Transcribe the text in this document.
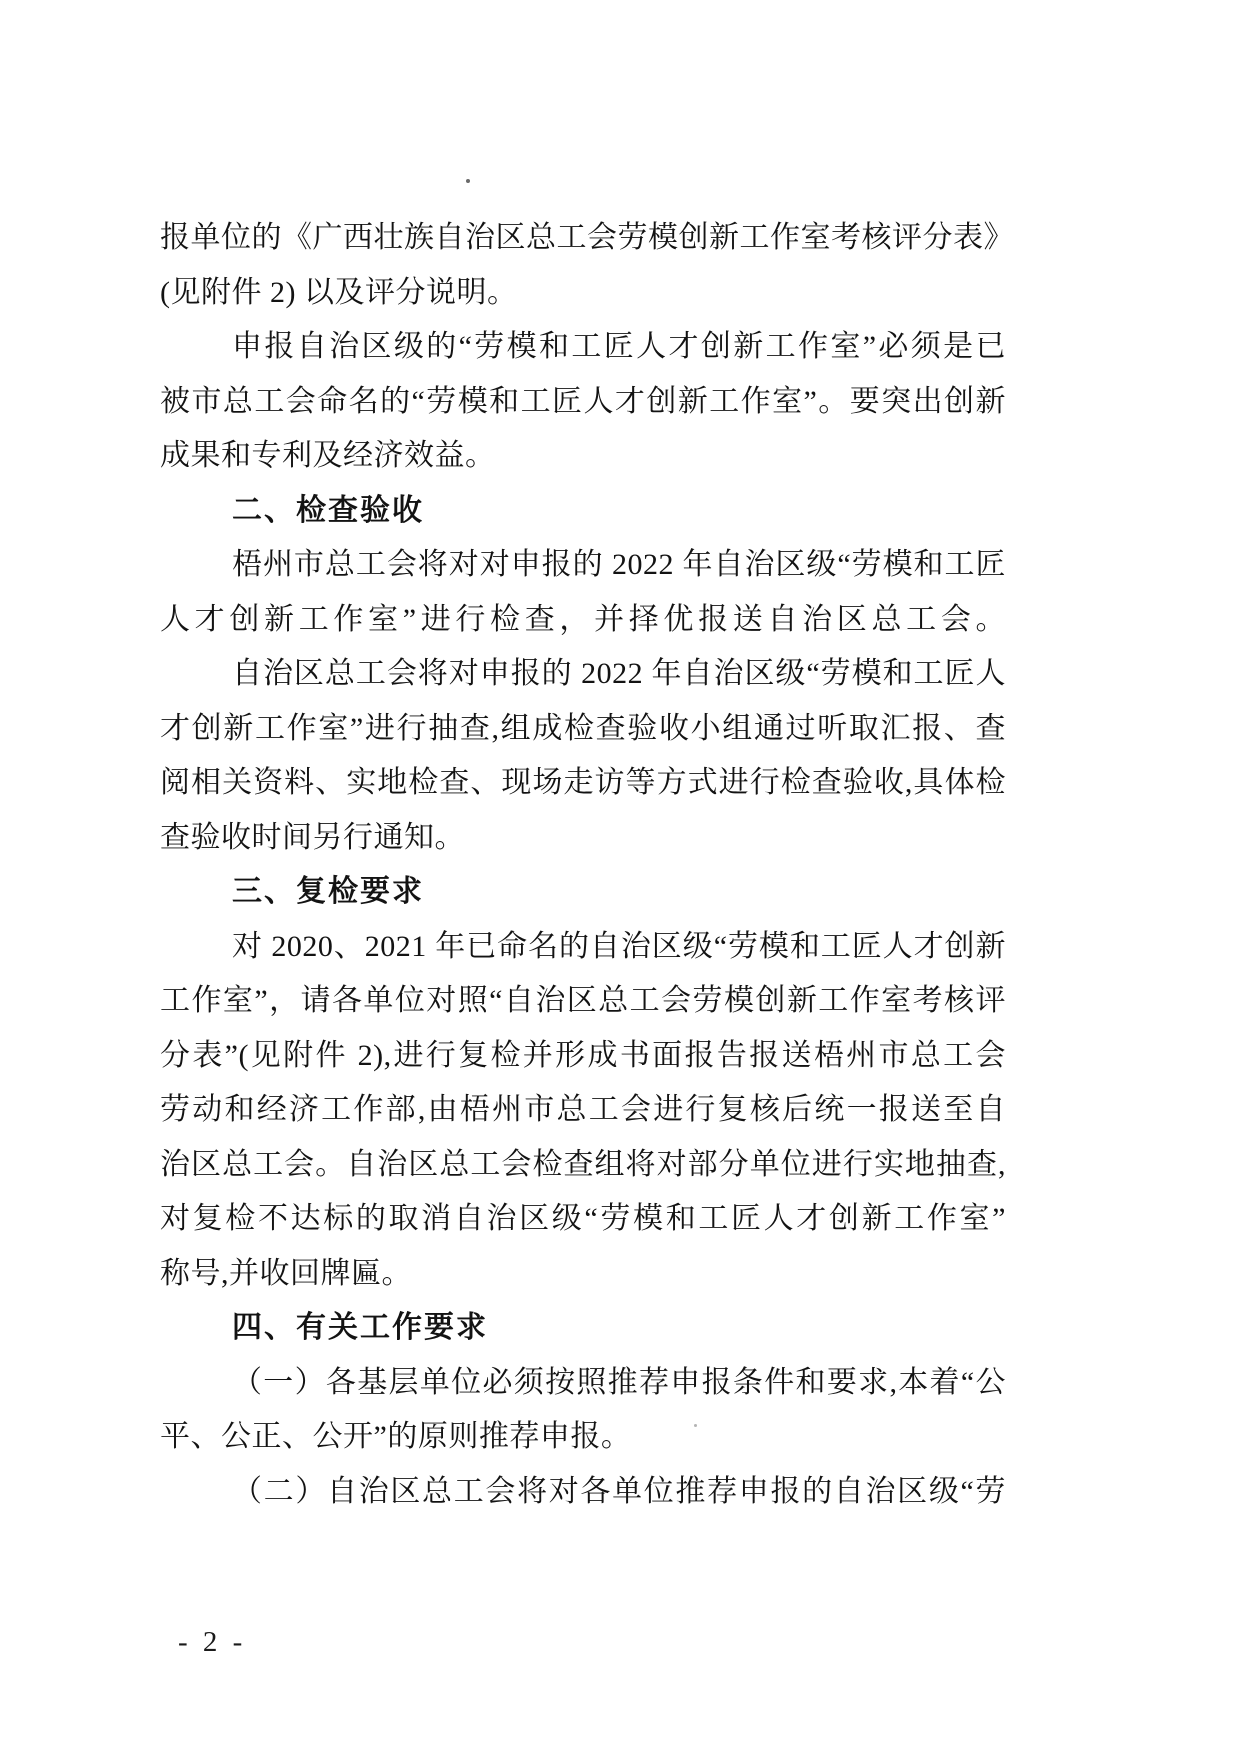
报单位的《广西壮族自治区总工会劳模创新工作室考核评分表》
(见附件 2) 以及评分说明。
申报自治区级的“劳模和工匠人才创新工作室”必须是已
被市总工会命名的“劳模和工匠人才创新工作室”。要突出创新
成果和专利及经济效益。
二、检查验收
梧州市总工会将对对申报的 2022 年自治区级“劳模和工匠
人才创新工作室”进行检查，并择优报送自治区总工会。
自治区总工会将对申报的 2022 年自治区级“劳模和工匠人
才创新工作室”进行抽查,组成检查验收小组通过听取汇报、查
阅相关资料、实地检查、现场走访等方式进行检查验收,具体检
查验收时间另行通知。
三、复检要求
对 2020、2021 年已命名的自治区级“劳模和工匠人才创新
工作室”，请各单位对照“自治区总工会劳模创新工作室考核评
分表”(见附件 2),进行复检并形成书面报告报送梧州市总工会
劳动和经济工作部,由梧州市总工会进行复核后统一报送至自
治区总工会。自治区总工会检查组将对部分单位进行实地抽查,
对复检不达标的取消自治区级“劳模和工匠人才创新工作室”
称号,并收回牌匾。
四、有关工作要求
（一）各基层单位必须按照推荐申报条件和要求,本着“公
平、公正、公开”的原则推荐申报。
（二）自治区总工会将对各单位推荐申报的自治区级“劳
- 2 -
